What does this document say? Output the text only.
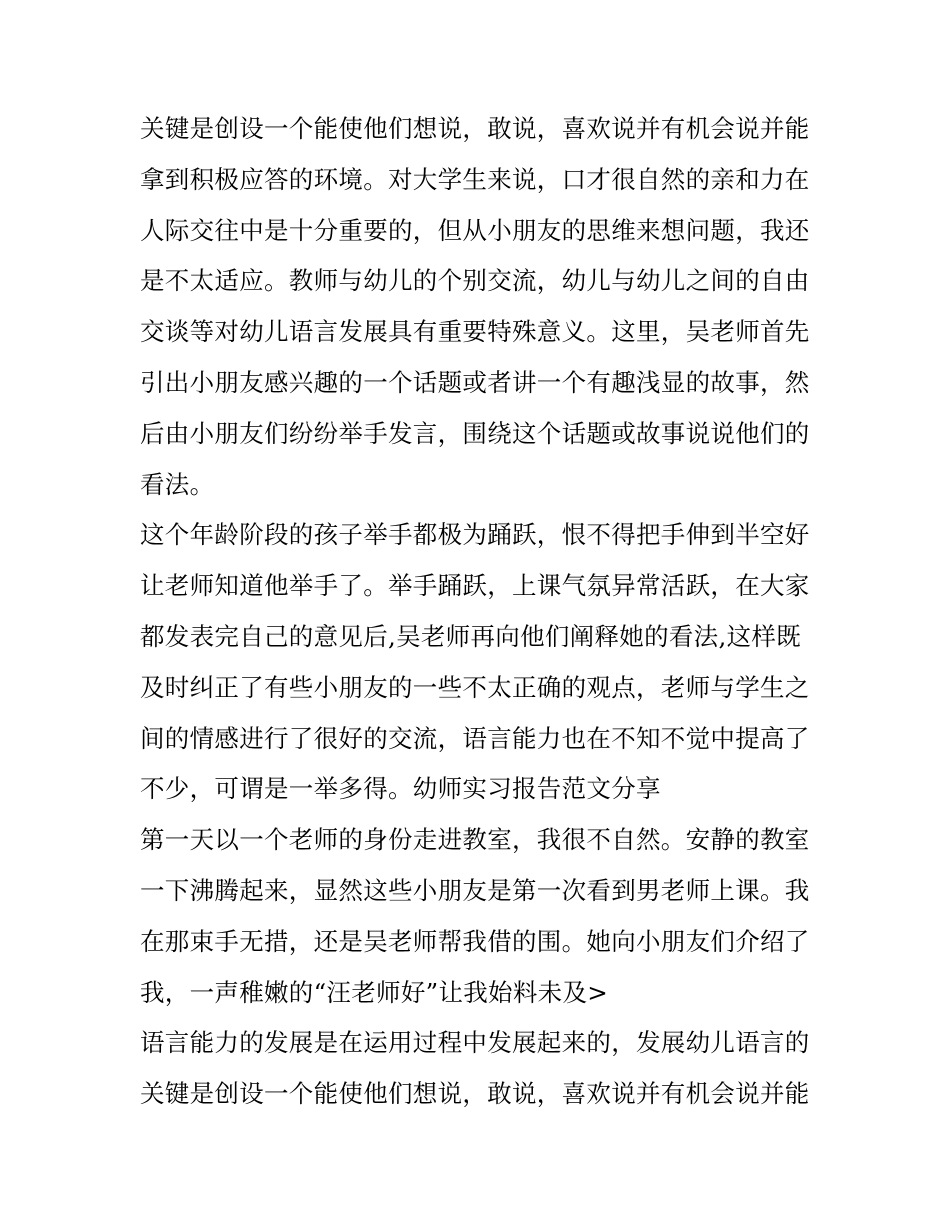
关键是创设一个能使他们想说，敢说，喜欢说并有机会说并能
拿到积极应答的环境。对大学生来说，口才很自然的亲和力在
人际交往中是十分重要的，但从小朋友的思维来想问题，我还
是不太适应。教师与幼儿的个别交流，幼儿与幼儿之间的自由
交谈等对幼儿语言发展具有重要特殊意义。这里，吴老师首先
引出小朋友感兴趣的一个话题或者讲一个有趣浅显的故事，然
后由小朋友们纷纷举手发言，围绕这个话题或故事说说他们的
看法。
这个年龄阶段的孩子举手都极为踊跃，恨不得把手伸到半空好
让老师知道他举手了。举手踊跃，上课气氛异常活跃，在大家
都发表完自己的意见后,吴老师再向他们阐释她的看法,这样既
及时纠正了有些小朋友的一些不太正确的观点，老师与学生之
间的情感进行了很好的交流，语言能力也在不知不觉中提高了
不少，可谓是一举多得。幼师实习报告范文分享
第一天以一个老师的身份走进教室，我很不自然。安静的教室
一下沸腾起来，显然这些小朋友是第一次看到男老师上课。我
在那束手无措，还是吴老师帮我借的围。她向小朋友们介绍了
我，一声稚嫩的“汪老师好”让我始料未及>
语言能力的发展是在运用过程中发展起来的，发展幼儿语言的
关键是创设一个能使他们想说，敢说，喜欢说并有机会说并能
